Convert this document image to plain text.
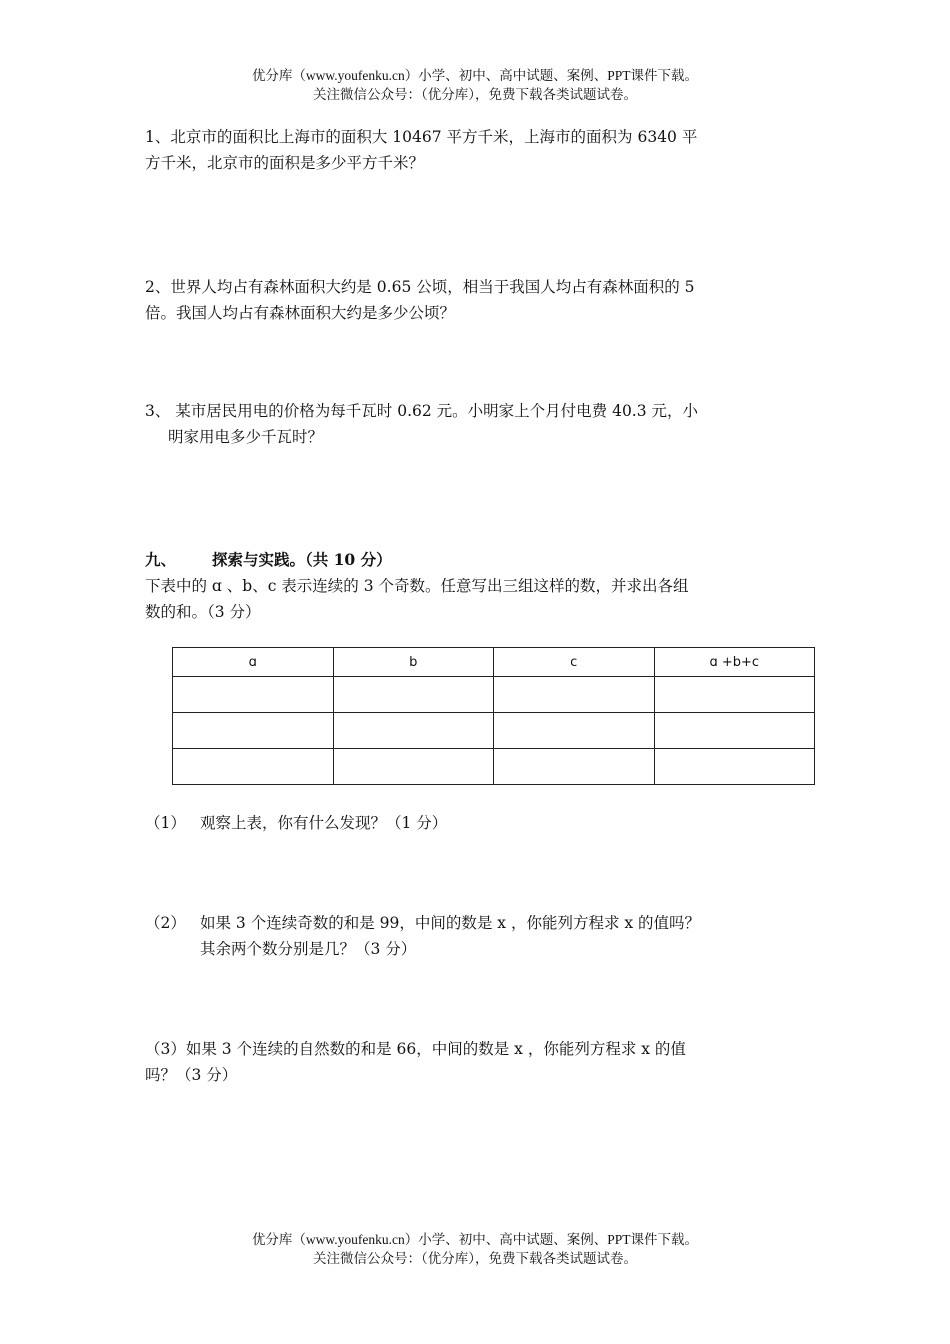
优分库（www.youfenku.cn）小学、初中、高中试题、案例、PPT课件下载。
关注微信公众号：（优分库），免费下载各类试题试卷。
1、北京市的面积比上海市的面积大 10467 平方千米，上海市的面积为 6340 平
方千米，北京市的面积是多少平方千米？
2、世界人均占有森林面积大约是 0.65 公顷，相当于我国人均占有森林面积的 5
倍。我国人均占有森林面积大约是多少公顷？
3、 某市居民用电的价格为每千瓦时 0.62 元。小明家上个月付电费 40.3 元，小
明家用电多少千瓦时？
九、 探索与实践。（共 10 分）
下表中的 ɑ 、b、c 表示连续的 3 个奇数。任意写出三组这样的数，并求出各组
数的和。（3 分）
ɑ	b	c	ɑ +b+c

（1） 观察上表，你有什么发现？（1 分）
（2） 如果 3 个连续奇数的和是 99，中间的数是 x ，你能列方程求 x 的值吗？
其余两个数分别是几？（3 分）
（3） 如果 3 个连续的自然数的和是 66，中间的数是 x ，你能列方程求 x 的值
吗？（3 分）
优分库（www.youfenku.cn）小学、初中、高中试题、案例、PPT课件下载。
关注微信公众号：（优分库），免费下载各类试题试卷。
